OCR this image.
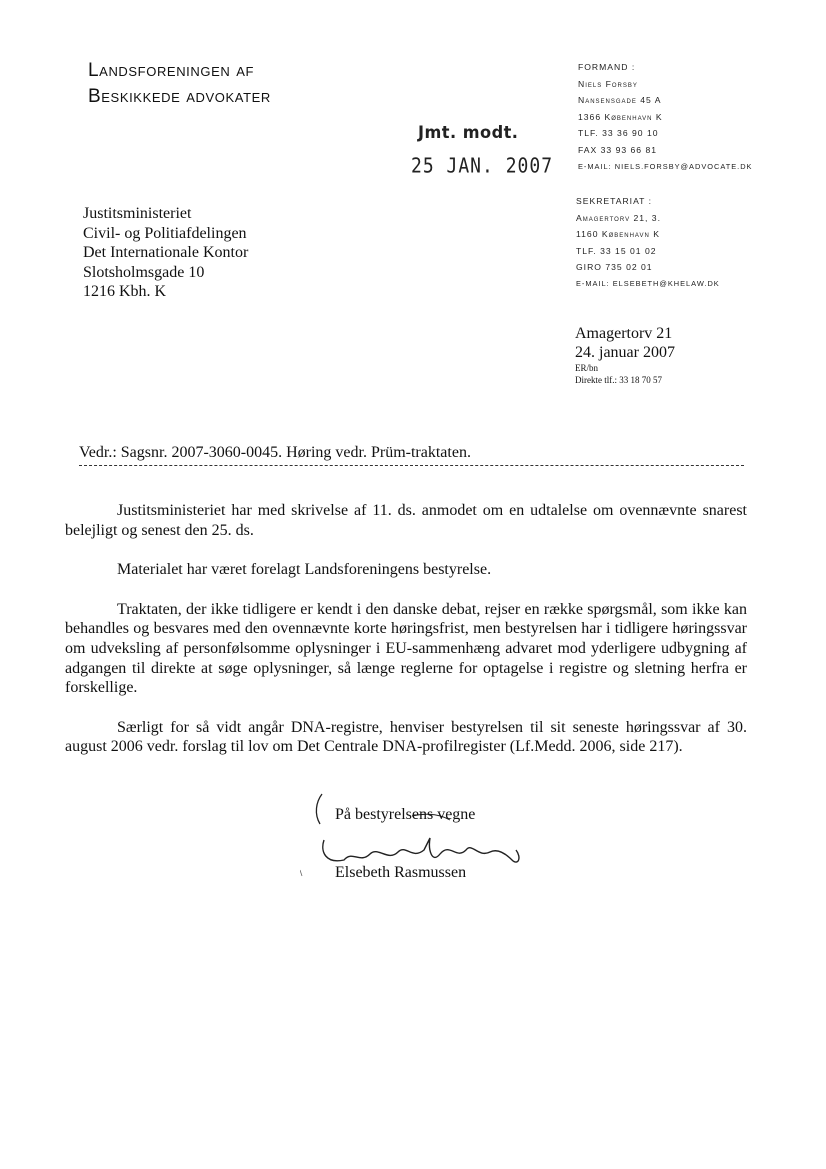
Landsforeningen af
Beskikkede advokater
FORMAND :
Niels Forsby
Nansensgade 45 A
1366 København K
TLF. 33 36 90 10
FAX 33 93 66 81
E-MAIL: NIELS.FORSBY@ADVOCATE.DK
SEKRETARIAT :
Amagertorv 21, 3.
1160 København K
TLF. 33 15 01 02
GIRO 735 02 01
E-MAIL: ELSEBETH@KHELAW.DK
Jmt. modt.
25 JAN. 2007
Justitsministeriet
Civil- og Politiafdelingen
Det Internationale Kontor
Slotsholmsgade 10
1216 Kbh. K
Amagertorv 21
24. januar 2007
ER/bn
Direkte tlf.: 33 18 70 57
Vedr.: Sagsnr. 2007-3060-0045. Høring vedr. Prüm-traktaten.

Justitsministeriet har med skrivelse af 11. ds. anmodet om en udtalelse om ovennævnte snarest belejligt og senest den 25. ds.

Materialet har været forelagt Landsforeningens bestyrelse.

Traktaten, der ikke tidligere er kendt i den danske debat, rejser en række spørgsmål, som ikke kan behandles og besvares med den ovennævnte korte høringsfrist, men bestyrelsen har i tidligere høringssvar om udveksling af personfølsomme oplysninger i EU-sammenhæng advaret mod yderligere udbygning af adgangen til direkte at søge oplysninger, så længe reglerne for optagelse i registre og sletning herfra er forskellige.

Særligt for så vidt angår DNA-registre, henviser bestyrelsen til sit seneste høringssvar af 30. august 2006 vedr. forslag til lov om Det Centrale DNA-profilregister (Lf.Medd. 2006, side 217).

På bestyrelsens vegne
Elsebeth Rasmussen
